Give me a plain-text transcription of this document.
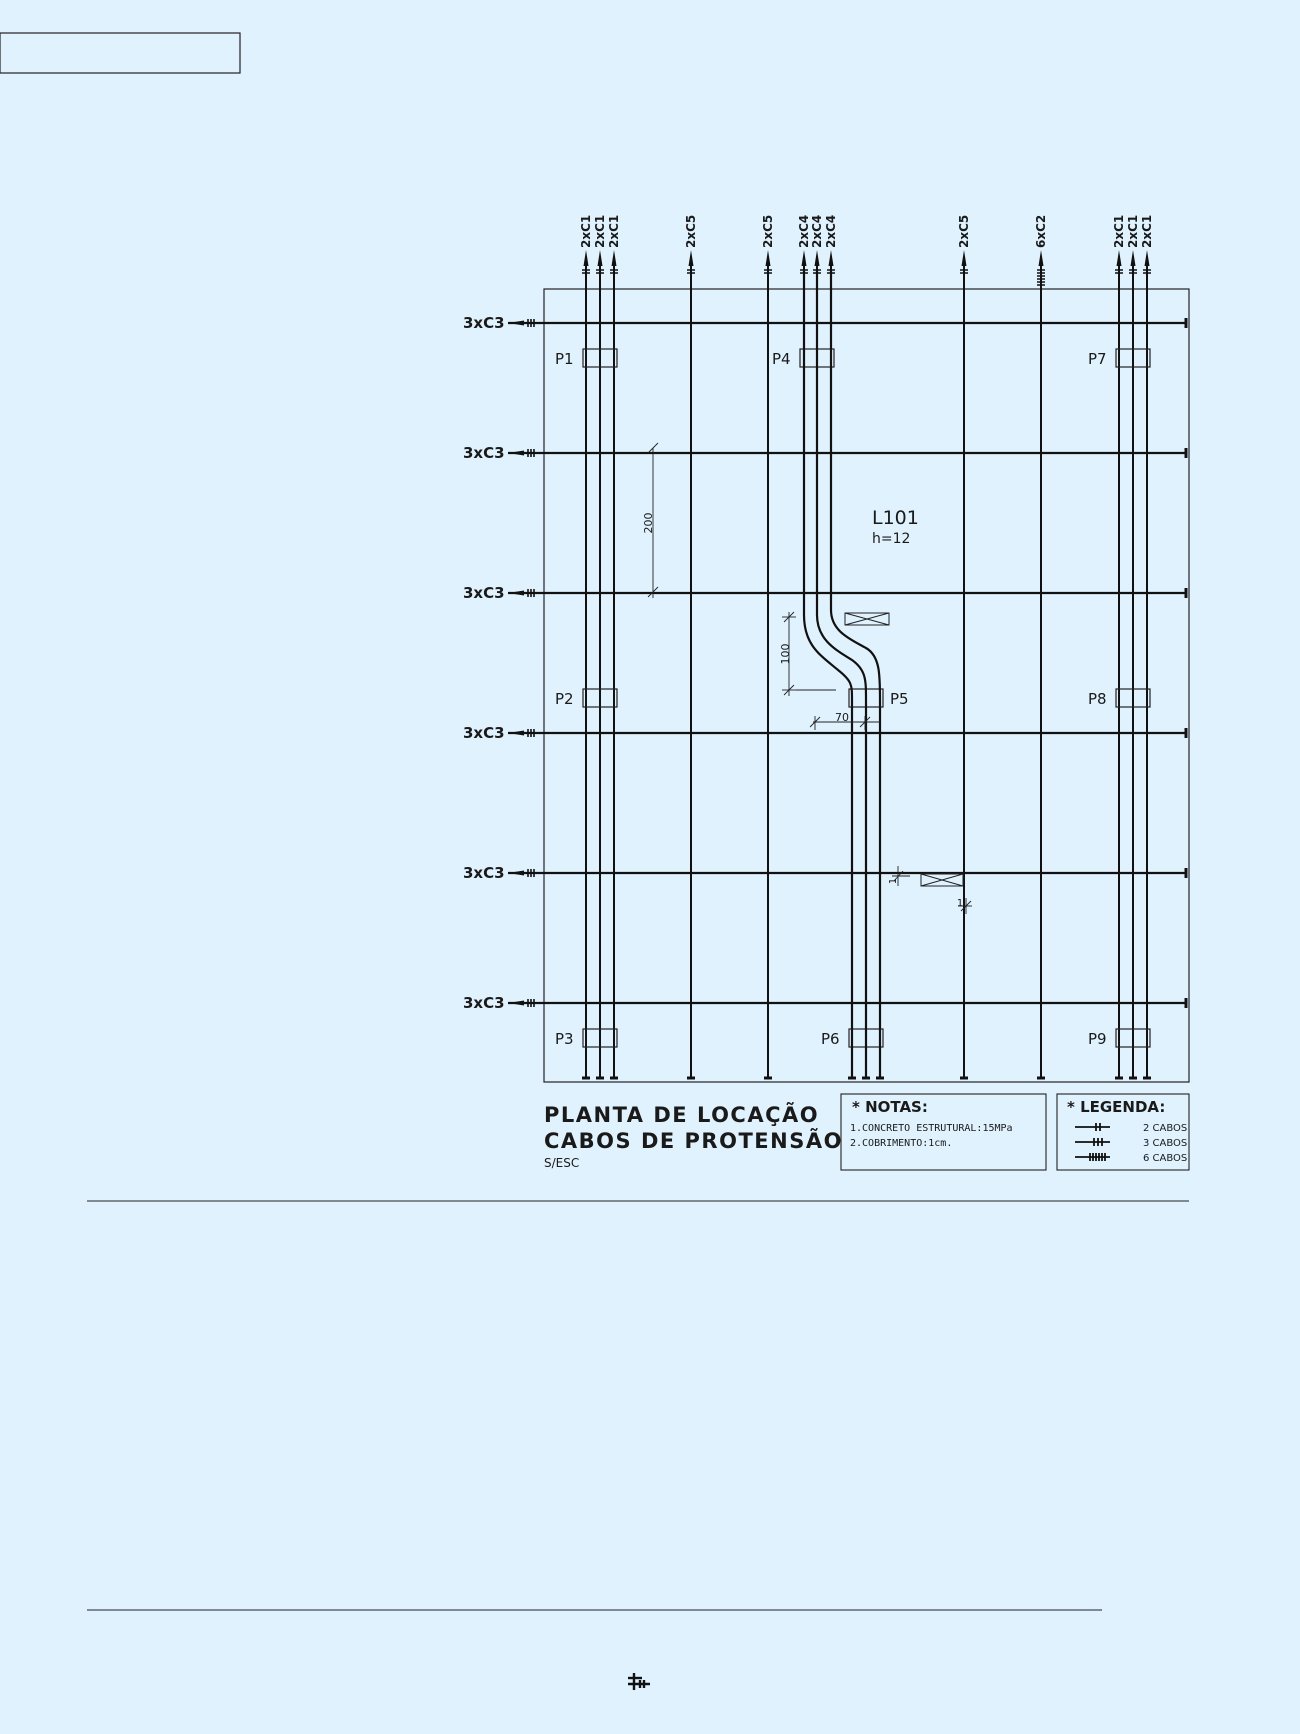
3xC3
3xC3
3xC3
3xC3
3xC3
3xC3
2xC1 2xC1 2xC1	2xC5	2xC5 2xC4 2xC4 2xC4	2xC5	6xC2	2xC1 2xC1 2xC1
P1
P2
P3
P4
P5
P6
P7
P8
P9
200
100
70
1
1
L101
h=12
PLANTA DE LOCAÇÃO
CABOS DE PROTENSÃO
S/ESC
* NOTAS:
1.CONCRETO ESTRUTURAL:15MPa
2.COBRIMENTO:1cm.
* LEGENDA:
2 CABOS
3 CABOS
6 CABOS
